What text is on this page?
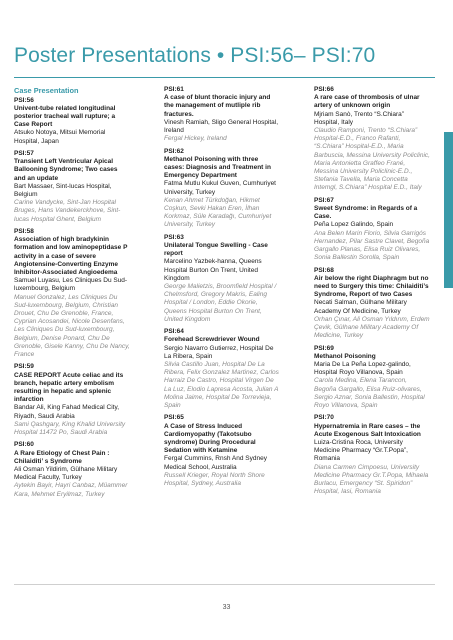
Poster Presentations • PSI:56– PSI:70
Case Presentation
PSI:56
Univent-tube related longitudinal posterior tracheal wall rupture; a Case Report
Atsuko Notoya, Mitsui Memorial Hospital, Japan
PSI:57
Transient Left Ventricular Apical Ballooning Syndrome; Two cases and an update
Bart Massaer, Sint-lucas Hospital, Belgium
Carine Vandycke, Sint-Jan Hospital Bruges, Hans Vandekerckhove, Sint-lucas Hospital Ghent, Belgium
PSI:58
Association of high bradykinin formation and low aminopeptidase P activity in a case of severe Angiotensine-Converting Enzyme Inhibitor-Associated Angioedema
Samuel Luyasu, Les Cliniques Du Sud-luxembourg, Belgium
Manuel Gonzalez, Les Cliniques Du Sud-luxembourg, Belgium, Christian Drouet, Chu De Grenoble, France, Cyprian Acosandei, Nicole Desenfans, Les Cliniques Du Sud-luxembourg, Belgium, Denise Ponard, Chu De Grenoble, Gisele Kanny, Chu De Nancy, France
PSI:59
CASE REPORT Acute celiac and its branch, hepatic artery embolism resulting in hepatic and splenic infarction
Bandar Ali, King Fahad Medical City, Riyadh, Saudi Arabia
Sami Qashgary, King Khalid University Hospital 11472 Po, Saudi Arabia
PSI:60
A Rare Etiology of Chest Pain : Chilaiditi’ s Syndrome
Ali Osman Yildirim, Gülhane Military Medical Faculty, Turkey
Aytekin Bayir, Hayri Canbaz, Müammer Kara, Mehmet Eryilmaz, Turkey
PSI:61
A case of blunt thoracic injury and the management of mutliple rib fractures.
Vinesh Ramiah, Sligo General Hospital, Ireland
Fergal Hickey, Ireland
PSI:62
Methanol Poisoning with three cases: Diagnosis and Treatment in Emergency Department
Fatma Mutlu Kukul Guven, Cumhuriyet University, Turkey
Kenan Ahmet Türkdoğan, Hikmet Coşkun, Sevki Hakan Eren, İlhan Korkmaz, Süle Karadağı, Cumhuriyet University, Turkey
PSI:63
Unilateral Tongue Swelling - Case report
Marcelino Yazbek-hanna, Queens Hospital Burton On Trent, United Kingdom
George Malietzis, Broomfield Hospital / Chelmsford, Gregory Makris, Ealing Hospital / London, Eddie Okorie, Queens Hospital Burton On Trent, United Kingdom
PSI:64
Forehead Screwdriever Wound
Sergio Navarro Gutierrez, Hospital De La Ribera, Spain
Silvia Castillo Juan, Hospital De La Ribera, Felix Gonzalez Martinez, Carlos Harraiz De Castro, Hospital Virgen De La Luz, Elodio Lapresa Acosta, Julian A Molina Jaime, Hospital De Torrevieja, Spain
PSI:65
A Case of Stress Induced Cardiomyopathy (Takotsubo syndrome) During Procedural Sedation with Ketamine
Fergal Cummins, Rnsh And Sydney Medical School, Australia
Russell Krieger, Royal North Shore Hospital, Sydney, Australia
PSI:66
A rare case of thrombosis of ulnar artery of unknown origin
Mjriam Sanò, Trento “S.Chiara” Hospital, Italy
Claudio Ramponi, Trento “S.Chiara” Hospital-E.D., Franco Rafanti, “S.Chiara” Hospital-E.D., Maria Barbuscia, Messina University Policlinic, Maria Antonietta Graffeo Frané, Messina University Policlinic-E.D., Stefania Tavella, Maria Concetta Intemgl, S.Chiara” Hospital E.D., Italy
PSI:67
Sweet Syndrome: in Regards of a Case.
Peña Lopez Galindo, Spain
Ana Belen Marin Florio, Silvia Garrigós Hernandez, Pilar Sastre Clavet, Begoña Gargallo Planas, Elisa Ruiz Olivares, Sonia Ballestin Sorolla, Spain
PSI:68
Air below the right Diaphragm but no need to Surgery this time: Chilaiditi’s Syndrome, Report of two Cases
Necati Salman, Gülhane Military Academy Of Medicine, Turkey
Orhan Çınar, Ali Osman Yıldırım, Erdem Çevik, Gülhane Military Academy Of Medicine, Turkey
PSI:69
Methanol Poisoning
Maria De La Peña Lopez-galindo, Hospital Royo Villanova, Spain
Carola Medina, Elena Tarancon, Begoña Gargallo, Elisa Ruiz-olivares, Sergio Aznar, Sonia Ballestin, Hospital Royo Villanova, Spain
PSI:70
Hypernatremia in Rare cases – the Acute Exogenous Salt Intoxication
Luiza-Cristina Roca, University Medicine Pharmacy “Gr.T.Popa”, Romania
Diana Carmen Cimpoesu, University Medicine Pharmacy Gr.T.Popa, Mihaela Burlacu, Emergency “St. Spiridon” Hospital, Iasi, Romania
33
